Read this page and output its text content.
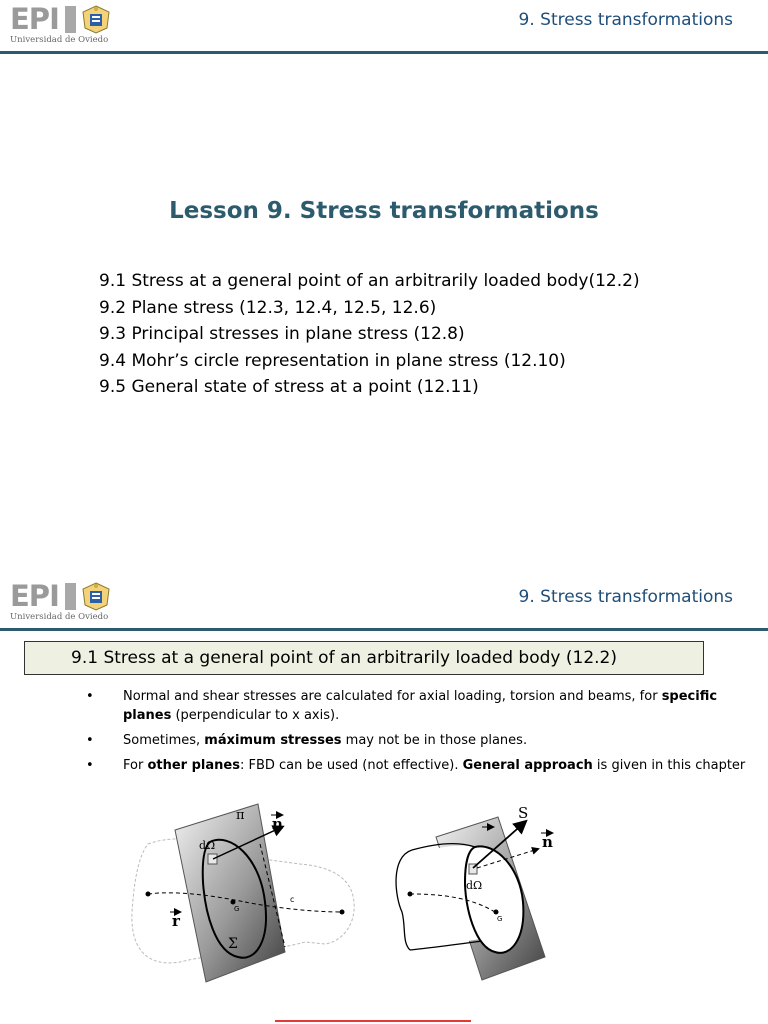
EPI
Universidad de Oviedo
9. Stress transformations
Lesson 9. Stress transformations
9.1 Stress at a general point of an arbitrarily loaded body(12.2)
9.2 Plane stress (12.3, 12.4, 12.5, 12.6)
9.3 Principal stresses in plane stress (12.8)
9.4 Mohr’s circle representation in plane stress (12.10)
9.5 General state of stress at a point (12.11)
EPI
Universidad de Oviedo
9. Stress transformations
9.1 Stress at a general point of an arbitrarily loaded body (12.2)
• Normal and shear stresses are calculated for axial loading, torsion and beams, for specific planes (perpendicular to x axis).
• Sometimes, máximum stresses may not be in those planes.
• For other planes: FBD can be used (not effective). General approach is given in this chapter
π n
dΩ
G
c
r
Σ
S
n
dΩ
G
